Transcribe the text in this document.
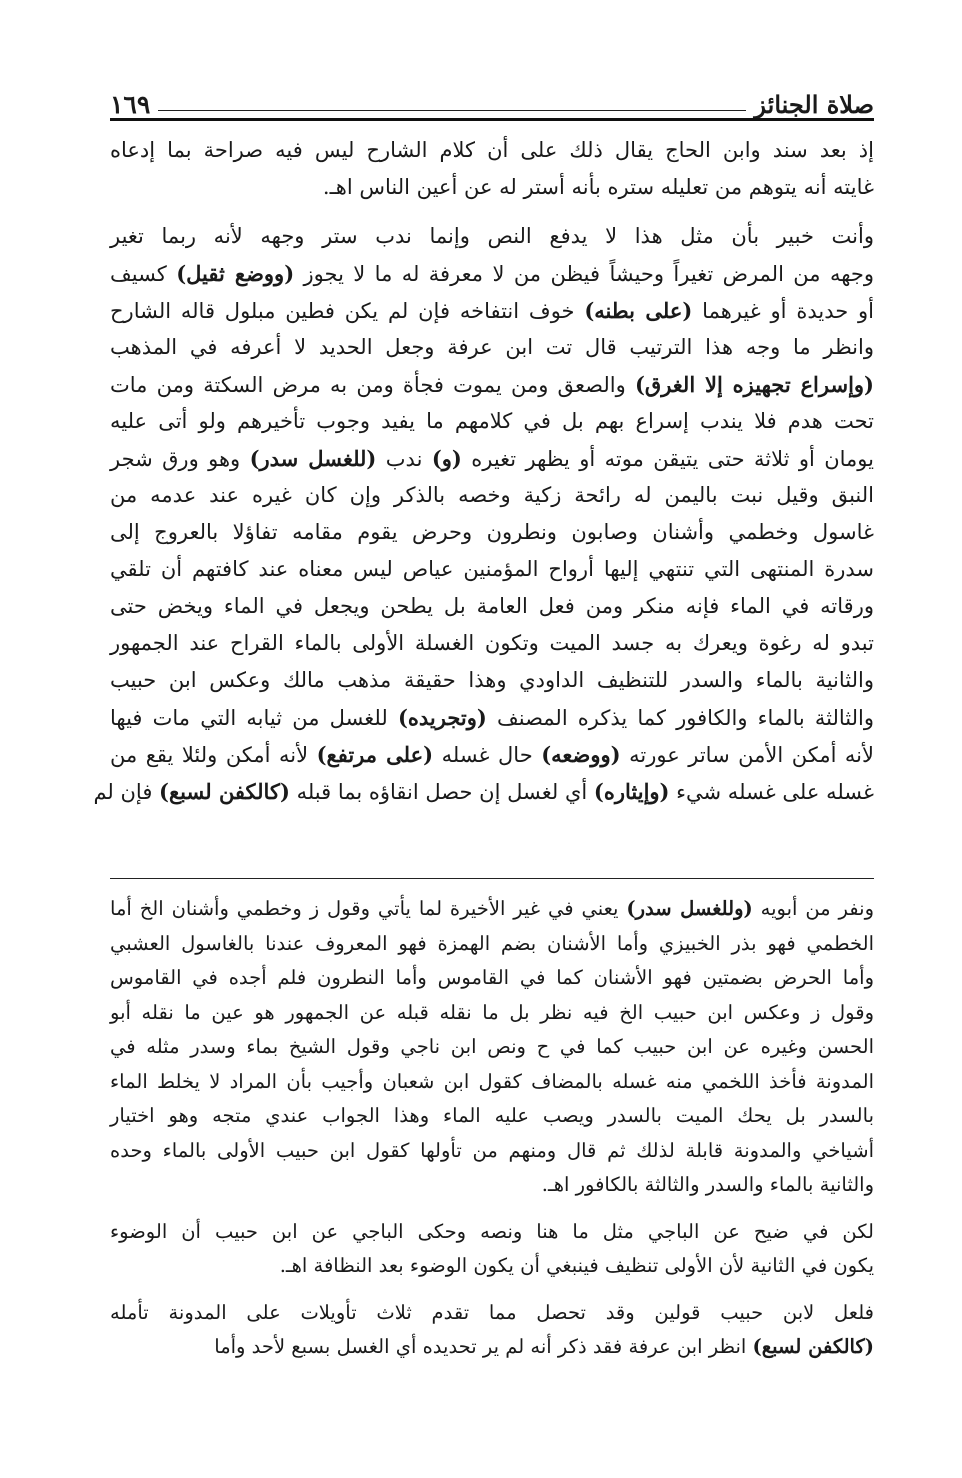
صلاة الجنائز
١٦٩
إذ بعد سند وابن الحاج يقال ذلك على أن كلام الشارح ليس فيه صراحة بما إدعاه
غايته أنه يتوهم من تعليله ستره بأنه أستر له عن أعين الناس اهـ.
وأنت خبير بأن مثل هذا لا يدفع النص وإنما ندب ستر وجهه لأنه ربما تغير
وجهه من المرض تغيراً وحيشاً فيظن من لا معرفة له ما لا يجوز (ووضع ثقيل) كسيف
أو حديدة أو غيرهما (على بطنه) خوف انتفاخه فإن لم يكن فطين مبلول قاله الشارح
وانظر ما وجه هذا الترتيب قال تت ابن عرفة وجعل الحديد لا أعرفه في المذهب
(وإسراع تجهيزه إلا الغرق) والصعق ومن يموت فجأة ومن به مرض السكتة ومن مات
تحت هدم فلا يندب إسراع بهم بل في كلامهم ما يفيد وجوب تأخيرهم ولو أتى عليه
يومان أو ثلاثة حتى يتيقن موته أو يظهر تغيره (و) ندب (للغسل سدر) وهو ورق شجر
النبق وقيل نبت باليمن له رائحة زكية وخصه بالذكر وإن كان غيره عند عدمه من
غاسول وخطمي وأشنان وصابون ونطرون وحرض يقوم مقامه تفاؤلا بالعروج إلى
سدرة المنتهى التي تنتهي إليها أرواح المؤمنين عياص ليس معناه عند كافتهم أن تلقي
ورقاته في الماء فإنه منكر ومن فعل العامة بل يطحن ويجعل في الماء ويخض حتى
تبدو له رغوة ويعرك به جسد الميت وتكون الغسلة الأولى بالماء القراح عند الجمهور
والثانية بالماء والسدر للتنظيف الداودي وهذا حقيقة مذهب مالك وعكس ابن حبيب
والثالثة بالماء والكافور كما يذكره المصنف (وتجريده) للغسل من ثيابه التي مات فيها
لأنه أمكن الأمن ساتر عورته (ووضعه) حال غسله (على مرتفع) لأنه أمكن ولئلا يقع من
غسله على غسله شيء (وإيثاره) أي لغسل إن حصل انقاؤه بما قبله (كالكفن لسبع) فإن لم
ونفر من أبويه (وللغسل سدر) يعني في غير الأخيرة لما يأتي وقول ز وخطمي وأشنان الخ أما
الخطمي فهو بذر الخبيزي وأما الأشنان بضم الهمزة فهو المعروف عندنا بالغاسول العشبي
وأما الحرض بضمتين فهو الأشنان كما في القاموس وأما النطرون فلم أجده في القاموس
وقول ز وعكس ابن حبيب الخ فيه نظر بل ما نقله قبله عن الجمهور هو عين ما نقله أبو
الحسن وغيره عن ابن حبيب كما في ح ونص ابن ناجي وقول الشيخ بماء وسدر مثله في
المدونة فأخذ اللخمي منه غسله بالمضاف كقول ابن شعبان وأجيب بأن المراد لا يخلط الماء
بالسدر بل يحك الميت بالسدر ويصب عليه الماء وهذا الجواب عندي متجه وهو اختيار
أشياخي والمدونة قابلة لذلك ثم قال ومنهم من تأولها كقول ابن حبيب الأولى بالماء وحده
والثانية بالماء والسدر والثالثة بالكافور اهـ.
لكن في ضيح عن الباجي مثل ما هنا ونصه وحكى الباجي عن ابن حبيب أن الوضوء
يكون في الثانية لأن الأولى تنظيف فينبغي أن يكون الوضوء بعد النظافة اهـ.
فلعل لابن حبيب قولين وقد تحصل مما تقدم ثلاث تأويلات على المدونة تأمله
(كالكفن لسبع) انظر ابن عرفة فقد ذكر أنه لم ير تحديده أي الغسل بسبع لأحد وأما
